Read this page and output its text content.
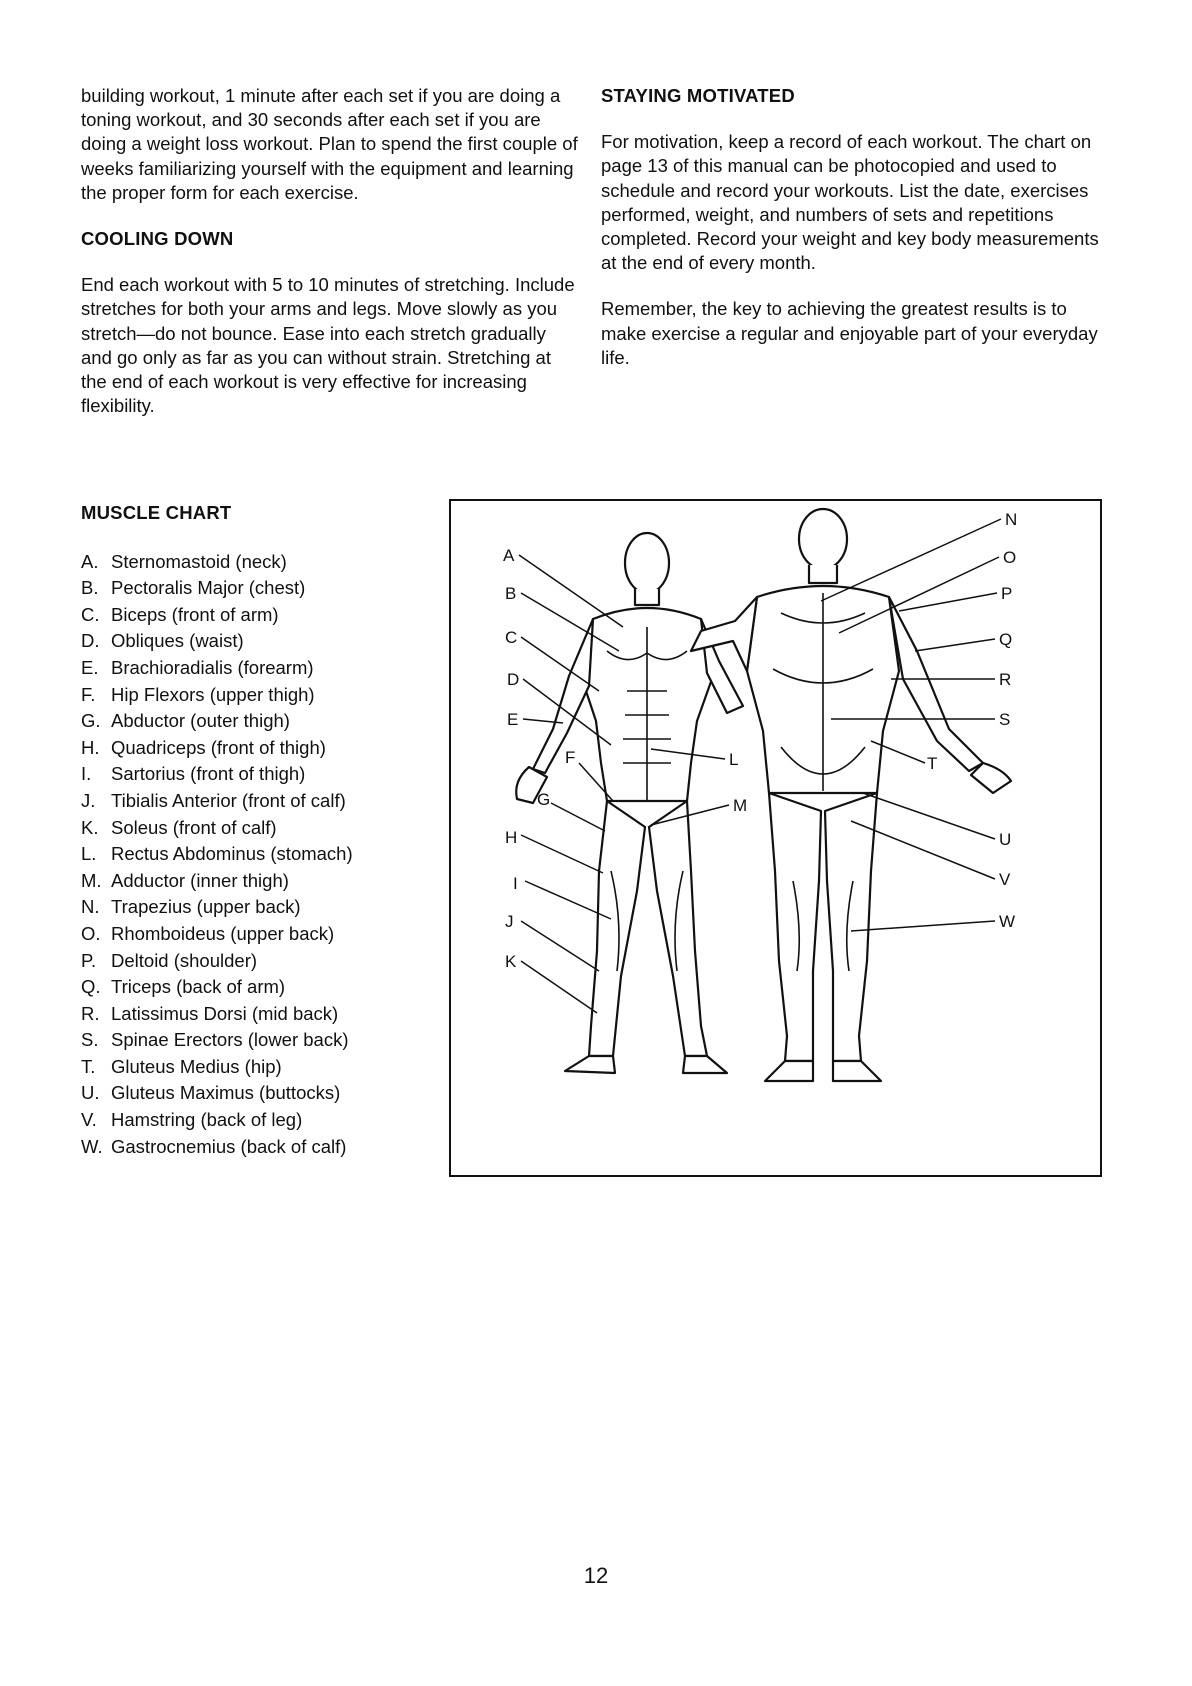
building workout, 1 minute after each set if you are doing a toning workout, and 30 seconds after each set if you are doing a weight loss workout. Plan to spend the first couple of weeks familiarizing yourself with the equipment and learning the proper form for each exercise.

COOLING DOWN

End each workout with 5 to 10 minutes of stretching. Include stretches for both your arms and legs. Move slowly as you stretch—do not bounce. Ease into each stretch gradually and go only as far as you can without strain. Stretching at the end of each workout is very effective for increasing flexibility.

STAYING MOTIVATED

For motivation, keep a record of each workout. The chart on page 13 of this manual can be photocopied and used to schedule and record your workouts. List the date, exercises performed, weight, and numbers of sets and repetitions completed. Record your weight and key body measurements at the end of every month.

Remember, the key to achieving the greatest results is to make exercise a regular and enjoyable part of your everyday life.

MUSCLE CHART
A. Sternomastoid (neck)
B. Pectoralis Major (chest)
C. Biceps (front of arm)
D. Obliques (waist)
E. Brachioradialis (forearm)
F. Hip Flexors (upper thigh)
G. Abductor (outer thigh)
H. Quadriceps (front of thigh)
I.	Sartorius (front of thigh)
J. Tibialis Anterior (front of calf)
K. Soleus (front of calf)
L. Rectus Abdominus (stomach)
M. Adductor (inner thigh)
N. Trapezius (upper back)
O. Rhomboideus (upper back)
P. Deltoid (shoulder)
Q. Triceps (back of arm)
R. Latissimus Dorsi (mid back)
S. Spinae Erectors (lower back)
T. Gluteus Medius (hip)
U. Gluteus Maximus (buttocks)
V. Hamstring (back of leg)
W. Gastrocnemius (back of calf)
A
B
C
D
E
F
G
H
I
J
K
L
M
N
O
P
Q
R
S
T
U
V
W
12
